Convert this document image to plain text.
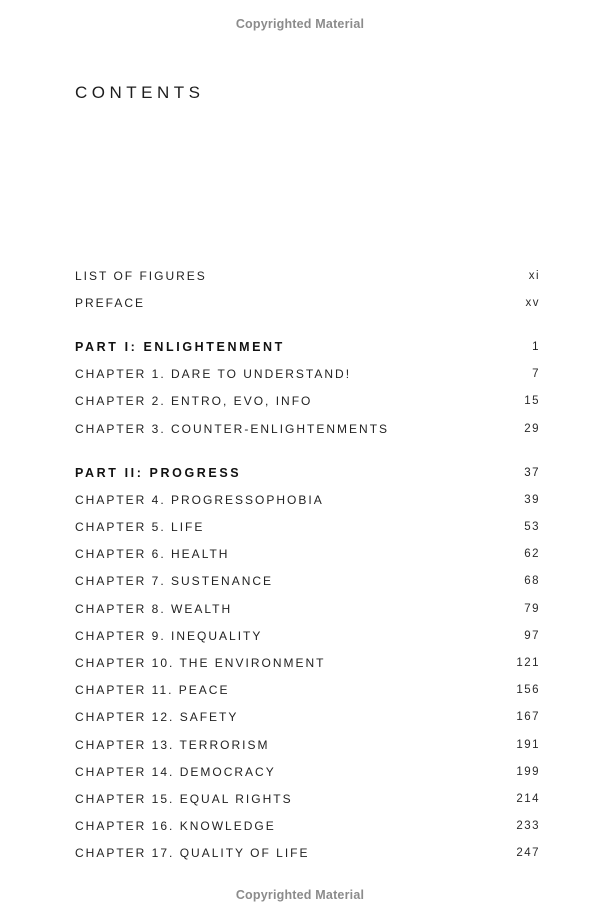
Copyrighted Material
CONTENTS
LIST OF FIGURES	xi
PREFACE	xv
PART I: ENLIGHTENMENT	1
CHAPTER 1. DARE TO UNDERSTAND!	7
CHAPTER 2. ENTRO, EVO, INFO	15
CHAPTER 3. COUNTER-ENLIGHTENMENTS	29
PART II: PROGRESS	37
CHAPTER 4. PROGRESSOPHOBIA	39
CHAPTER 5. LIFE	53
CHAPTER 6. HEALTH	62
CHAPTER 7. SUSTENANCE	68
CHAPTER 8. WEALTH	79
CHAPTER 9. INEQUALITY	97
CHAPTER 10. THE ENVIRONMENT	121
CHAPTER 11. PEACE	156
CHAPTER 12. SAFETY	167
CHAPTER 13. TERRORISM	191
CHAPTER 14. DEMOCRACY	199
CHAPTER 15. EQUAL RIGHTS	214
CHAPTER 16. KNOWLEDGE	233
CHAPTER 17. QUALITY OF LIFE	247
Copyrighted Material
